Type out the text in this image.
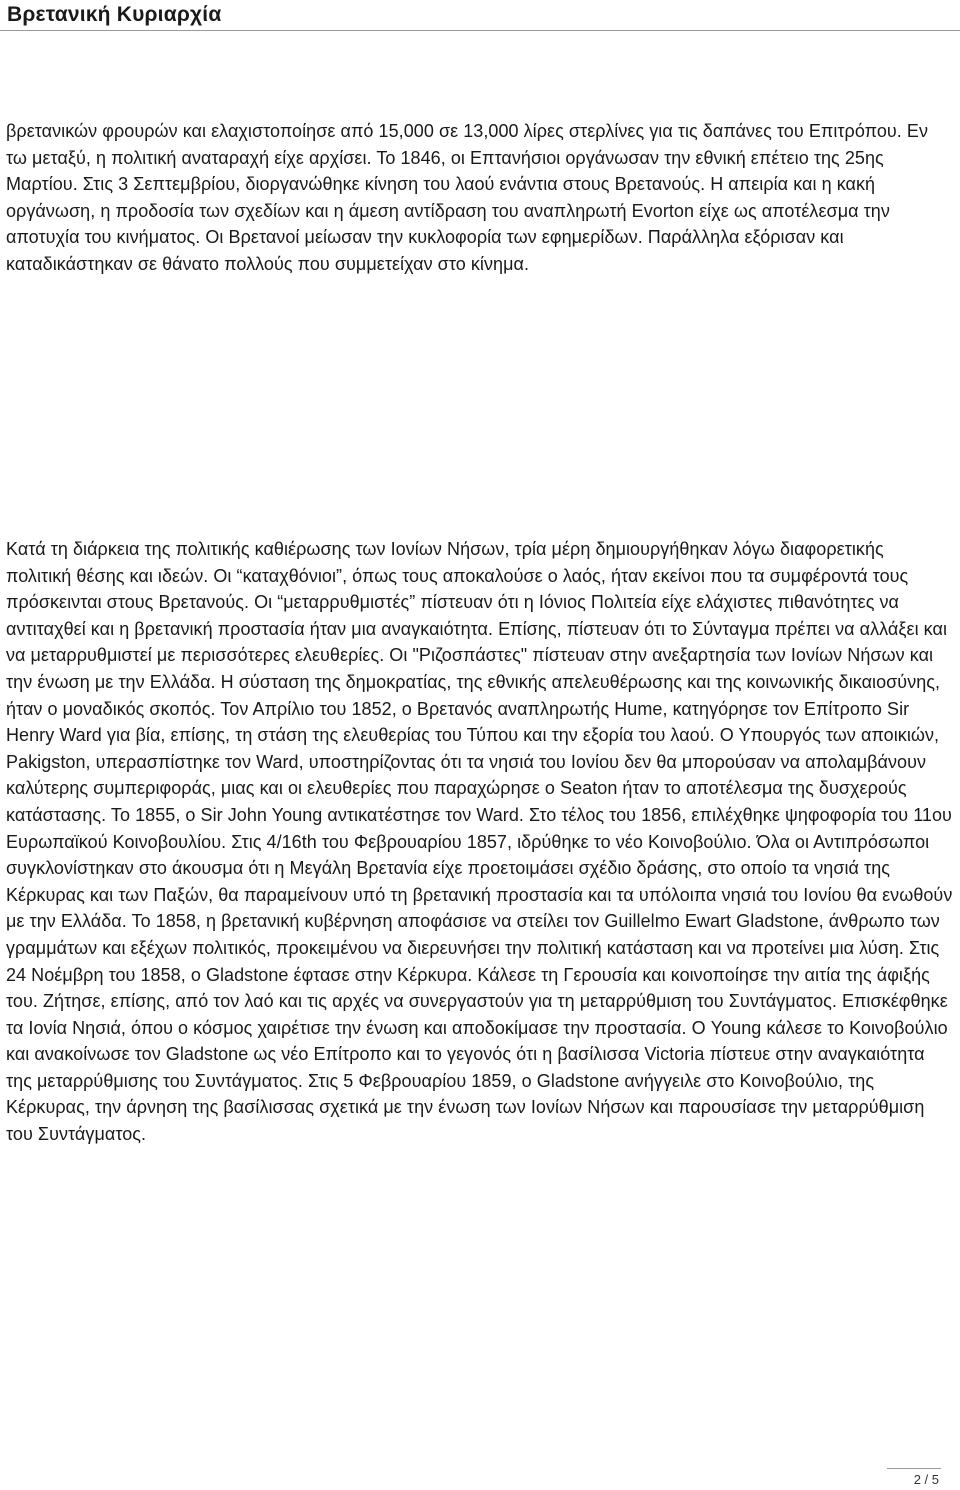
Βρετανική Κυριαρχία

βρετανικών φρουρών και ελαχιστοποίησε από 15,000 σε 13,000 λίρες στερλίνες για τις δαπάνες του Επιτρόπου. Εν τω μεταξύ, η πολιτική αναταραχή είχε αρχίσει. Το 1846, οι Επτανήσιοι οργάνωσαν την εθνική επέτειο της 25ης Μαρτίου. Στις 3 Σεπτεμβρίου, διοργανώθηκε κίνηση του λαού ενάντια στους Βρετανούς. Η απειρία και η κακή οργάνωση, η προδοσία των σχεδίων και η άμεση αντίδραση του αναπληρωτή Evorton είχε ως αποτέλεσμα την αποτυχία του κινήματος. Οι Βρετανοί μείωσαν την κυκλοφορία των εφημερίδων. Παράλληλα εξόρισαν και καταδικάστηκαν σε θάνατο πολλούς που συμμετείχαν στο κίνημα.

Κατά τη διάρκεια της πολιτικής καθιέρωσης των Ιονίων Νήσων, τρία μέρη δημιουργήθηκαν λόγω διαφορετικής πολιτική θέσης και ιδεών. Οι “καταχθόνιοι”, όπως τους αποκαλούσε ο λαός, ήταν εκείνοι που τα συμφέροντά τους πρόσκεινται στους Βρετανούς. Οι “μεταρρυθμιστές” πίστευαν ότι η Ιόνιος Πολιτεία είχε ελάχιστες πιθανότητες να αντιταχθεί και η βρετανική προστασία ήταν μια αναγκαιότητα. Επίσης, πίστευαν ότι το Σύνταγμα πρέπει να αλλάξει και να μεταρρυθμιστεί με περισσότερες ελευθερίες. Οι "Ριζοσπάστες" πίστευαν στην ανεξαρτησία των Ιονίων Νήσων και την ένωση με την Ελλάδα. Η σύσταση της δημοκρατίας, της εθνικής απελευθέρωσης και της κοινωνικής δικαιοσύνης, ήταν ο μοναδικός σκοπός. Τον Απρίλιο του 1852, ο Βρετανός αναπληρωτής Hume, κατηγόρησε τον Επίτροπο Sir Henry Ward για βία, επίσης, τη στάση της ελευθερίας του Τύπου και την εξορία του λαού. Ο Υπουργός των αποικιών, Pakigston, υπερασπίστηκε τον Ward, υποστηρίζοντας ότι τα νησιά του Ιονίου δεν θα μπορούσαν να απολαμβάνουν καλύτερης συμπεριφοράς, μιας και οι ελευθερίες που παραχώρησε ο Seaton ήταν το αποτέλεσμα της δυσχερούς κατάστασης. Το 1855, ο Sir John Young αντικατέστησε τον Ward. Στο τέλος του 1856, επιλέχθηκε ψηφοφορία του 11ου Ευρωπαϊκού Κοινοβουλίου. Στις 4/16th του Φεβρουαρίου 1857, ιδρύθηκε το νέο Κοινοβούλιο. Όλα οι Αντιπρόσωποι συγκλονίστηκαν στο άκουσμα ότι η Μεγάλη Βρετανία είχε προετοιμάσει σχέδιο δράσης, στο οποίο τα νησιά της Κέρκυρας και των Παξών, θα παραμείνουν υπό τη βρετανική προστασία και τα υπόλοιπα νησιά του Ιονίου θα ενωθούν με την Ελλάδα. Το 1858, η βρετανική κυβέρνηση αποφάσισε να στείλει τον Guillelmo Ewart Gladstone, άνθρωπο των γραμμάτων και εξέχων πολιτικός, προκειμένου να διερευνήσει την πολιτική κατάσταση και να προτείνει μια λύση. Στις 24 Νοέμβρη του 1858, ο Gladstone έφτασε στην Κέρκυρα. Κάλεσε τη Γερουσία και κοινοποίησε την αιτία της άφιξής του. Ζήτησε, επίσης, από τον λαό και τις αρχές να συνεργαστούν για τη μεταρρύθμιση του Συντάγματος. Επισκέφθηκε τα Ιονία Νησιά, όπου ο κόσμος χαιρέτισε την ένωση και αποδοκίμασε την προστασία. Ο Young κάλεσε το Κοινοβούλιο και ανακοίνωσε τον Gladstone ως νέο Επίτροπο και το γεγονός ότι η βασίλισσα Victoria πίστευε στην αναγκαιότητα της μεταρρύθμισης του Συντάγματος. Στις 5 Φεβρουαρίου 1859, ο Gladstone ανήγγειλε στο Κοινοβούλιο, της Κέρκυρας, την άρνηση της βασίλισσας σχετικά με την ένωση των Ιονίων Νήσων και παρουσίασε την μεταρρύθμιση του Συντάγματος.

2 / 5
